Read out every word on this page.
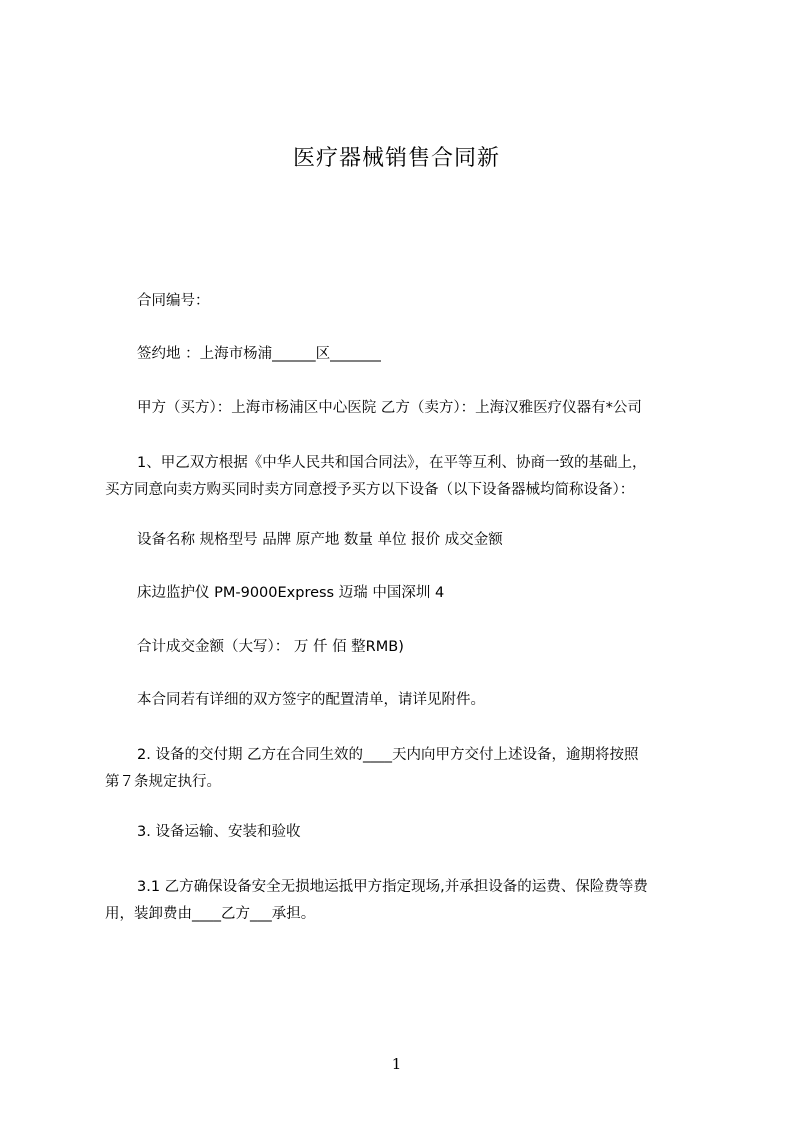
医疗器械销售合同新
合同编号：
签约地 ：上海市杨浦______区_______
甲方（买方）：上海市杨浦区中心医院 乙方（卖方）：上海汉雅医疗仪器有*公司
1、甲乙双方根据《中华人民共和国合同法》，在平等互利、协商一致的基础上，
买方同意向卖方购买同时卖方同意授予买方以下设备（以下设备器械均简称设备）：
设备名称 规格型号 品牌 原产地 数量 单位 报价 成交金额
床边监护仪 PM-9000Express 迈瑞 中国深圳 4
合计成交金额（大写）： 万 仟 佰 整RMB)
本合同若有详细的双方签字的配置清单，请详见附件。
2. 设备的交付期 乙方在合同生效的____天内向甲方交付上述设备，逾期将按照
第７条规定执行。
3. 设备运输、安装和验收
3.1 乙方确保设备安全无损地运抵甲方指定现场,并承担设备的运费、保险费等费
用，装卸费由____乙方___承担。
1
